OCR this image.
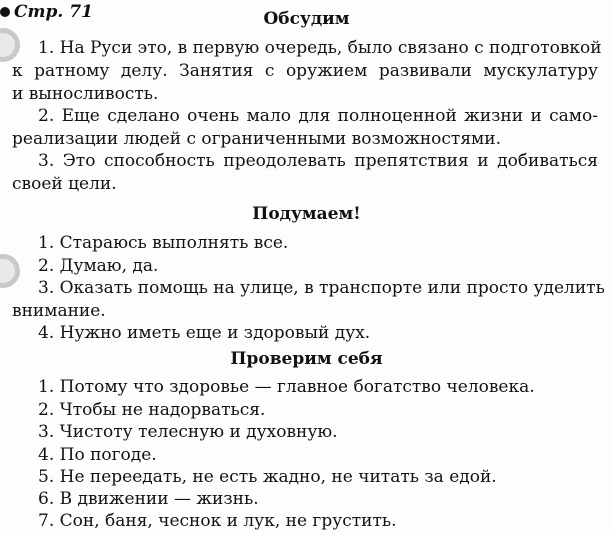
Стр. 71	Обсудим

1. На Руси это, в первую очередь, было связано с подготовкой

к ратному делу. Занятия с оружием развивали мускулатуру

и выносливость.

2. Еще сделано очень мало для полноценной жизни и само-

реализации людей с ограниченными возможностями.

3. Это способность преодолевать препятствия и добиваться

своей цели.

Подумаем!

1. Стараюсь выполнять все.

2. Думаю, да.

3. Оказать помощь на улице, в транспорте или просто уделить

внимание.

4. Нужно иметь еще и здоровый дух.

Проверим себя

1. Потому что здоровье — главное богатство человека.

2. Чтобы не надорваться.

3. Чистоту телесную и духовную.

4. По погоде.

5. Не переедать, не есть жадно, не читать за едой.

6. В движении — жизнь.

7. Сон, баня, чеснок и лук, не грустить.
